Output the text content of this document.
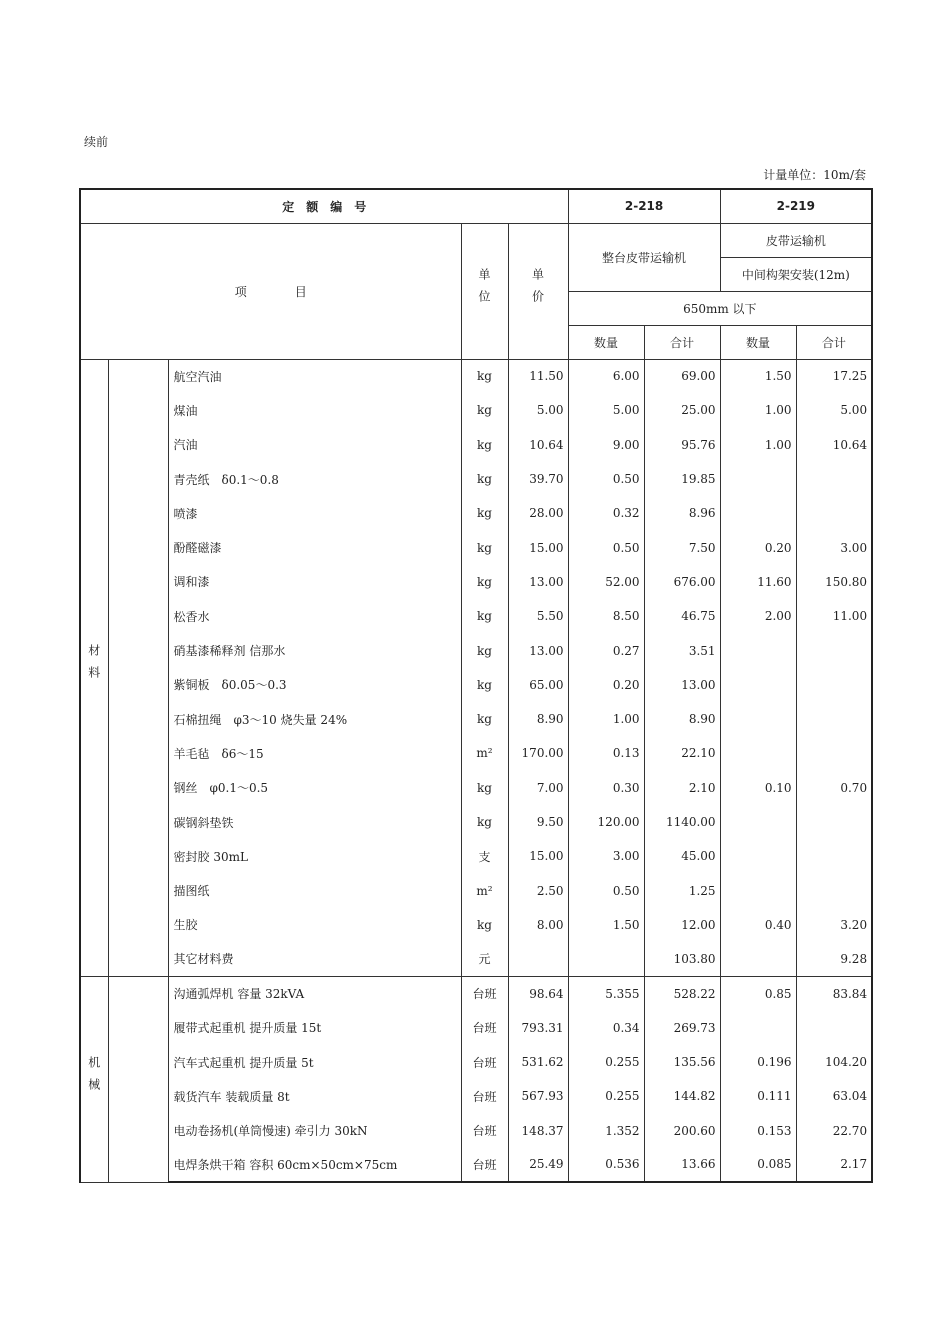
续前
计量单位：10m/套
定　额　编　号					2-218		2-219	
项　　　　目			单位	单价	整台皮带运输机		皮带运输机	
							中间构架安装(12m)	
					650mm 以下			
					数量	合计	数量	合计
材料		航空汽油	kg	11.50	6.00	69.00	1.50	17.25
		煤油	kg	5.00	5.00	25.00	1.00	5.00
		汽油	kg	10.64	9.00	95.76	1.00	10.64
		青壳纸　δ0.1～0.8	kg	39.70	0.50	19.85		
		喷漆	kg	28.00	0.32	8.96		
		酚醛磁漆	kg	15.00	0.50	7.50	0.20	3.00
		调和漆	kg	13.00	52.00	676.00	11.60	150.80
		松香水	kg	5.50	8.50	46.75	2.00	11.00
		硝基漆稀释剂 信那水	kg	13.00	0.27	3.51		
		紫铜板　δ0.05～0.3	kg	65.00	0.20	13.00		
		石棉扭绳　φ3～10 烧失量 24%	kg	8.90	1.00	8.90		
		羊毛毡　δ6～15	m²	170.00	0.13	22.10		
		钢丝　φ0.1～0.5	kg	7.00	0.30	2.10	0.10	0.70
		碳钢斜垫铁	kg	9.50	120.00	1140.00		
		密封胶 30mL	支	15.00	3.00	45.00		
		描图纸	m²	2.50	0.50	1.25		
		生胶	kg	8.00	1.50	12.00	0.40	3.20
		其它材料费	元			103.80		9.28
机械		沟通弧焊机 容量 32kVA	台班	98.64	5.355	528.22	0.85	83.84
		履带式起重机 提升质量 15t	台班	793.31	0.34	269.73		
		汽车式起重机 提升质量 5t	台班	531.62	0.255	135.56	0.196	104.20
		载货汽车 装载质量 8t	台班	567.93	0.255	144.82	0.111	63.04
		电动卷扬机(单筒慢速) 牵引力 30kN	台班	148.37	1.352	200.60	0.153	22.70
		电焊条烘干箱 容积 60cm×50cm×75cm	台班	25.49	0.536	13.66	0.085	2.17
